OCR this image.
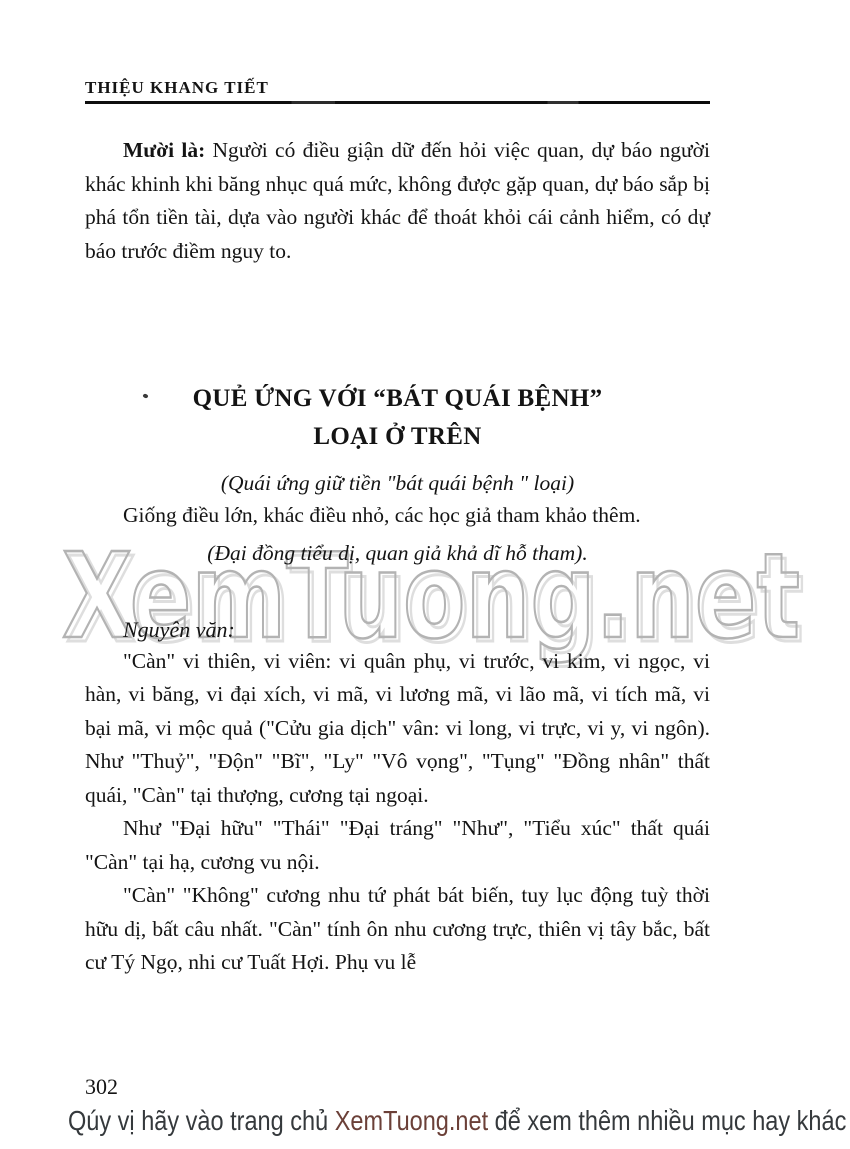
XemTuong.net
XemTuong.net
THIỆU KHANG TIẾT

Mười là: Người có điều giận dữ đến hỏi việc quan, dự báo người khác khinh khi băng nhục quá mức, không được gặp quan, dự báo sắp bị phá tổn tiền tài, dựa vào người khác để thoát khỏi cái cảnh hiểm, có dự báo trước điềm nguy to.

QUẺ ỨNG VỚI “BÁT QUÁI BỆNH”
LOẠI Ở TRÊN
(Quái ứng giữ tiền "bát quái bệnh " loại)

Giống điều lớn, khác điều nhỏ, các học giả tham khảo thêm.

(Đại đồng tiểu dị, quan giả khả dĩ hỗ tham).
Nguyên văn:

"Càn" vi thiên, vi viên: vi quân phụ, vi trước, vi kim, vi ngọc, vi hàn, vi băng, vi đại xích, vi mã, vi lương mã, vi lão mã, vi tích mã, vi bại mã, vi mộc quả ("Cửu gia dịch" vân: vi long, vi trực, vi y, vi ngôn). Như "Thuỷ", "Độn" "Bĩ", "Ly" "Vô vọng", "Tụng" "Đồng nhân" thất quái, "Càn" tại thượng, cương tại ngoại.

Như "Đại hữu" "Thái" "Đại tráng" "Như", "Tiểu xúc" thất quái "Càn" tại hạ, cương vu nội.

"Càn" "Không" cương nhu tứ phát bát biến, tuy lục động tuỳ thời hữu dị, bất câu nhất. "Càn" tính ôn nhu cương trực, thiên vị tây bắc, bất cư Tý Ngọ, nhi cư Tuất Hợi. Phụ vu lễ

302
Qúy vị hãy vào trang chủ XemTuong.net để xem thêm nhiều mục hay khác
